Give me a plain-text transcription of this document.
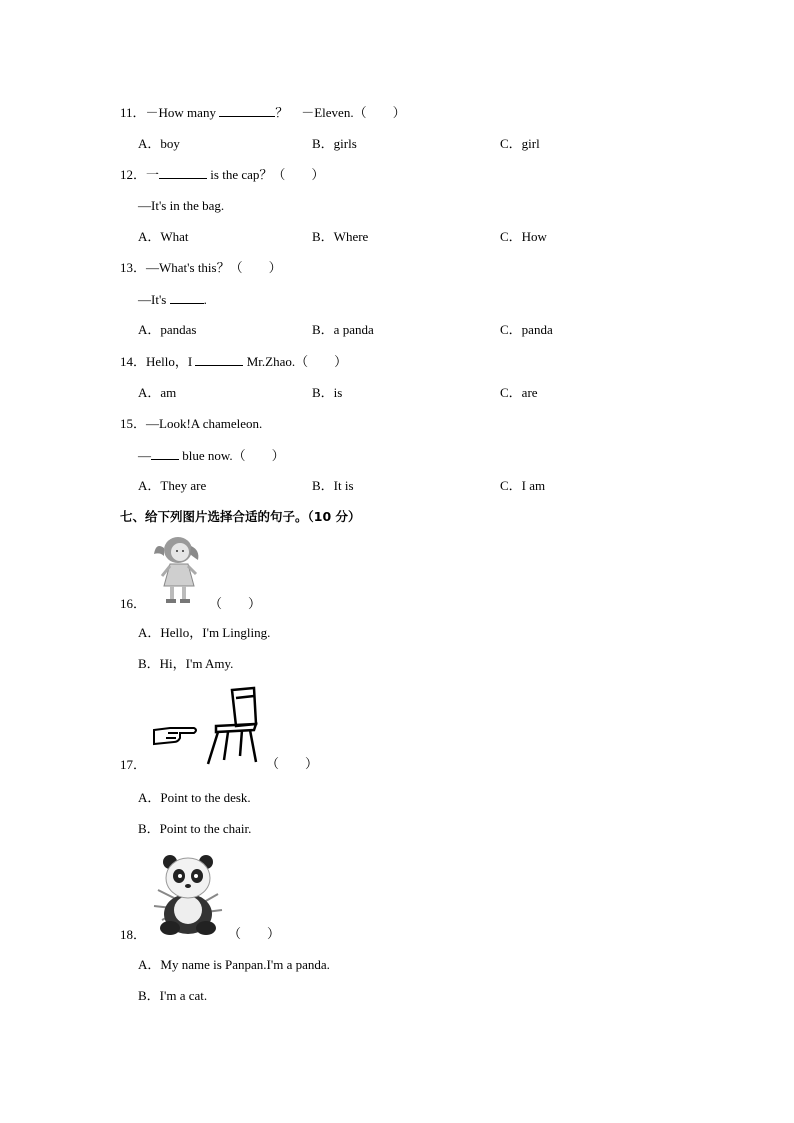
11．－How many	？　 －Eleven.（　　）
A．boy	B．girls	C．girl
12．一	is the cap？（　　）
—It's in the bag.
A．What	B．Where	C．How
13．—What's this？（　　）
—It's	.
A．pandas	B．a panda	C．panda
14．Hello，I	Mr.Zhao.（　　）
A．am	B．is	C．are
15．—Look!A chameleon.
— blue now.（　　）
A．They are	B．It is	C．I am
七、给下列图片选择合适的句子。（10 分）
16．	（　　）
A．Hello，I'm Lingling.
B．Hi，I'm Amy.
17．	（　　）
A．Point to the desk.
B．Point to the chair.
18．	（　　）
A．My name is Panpan.I'm a panda.
B．I'm a cat.
